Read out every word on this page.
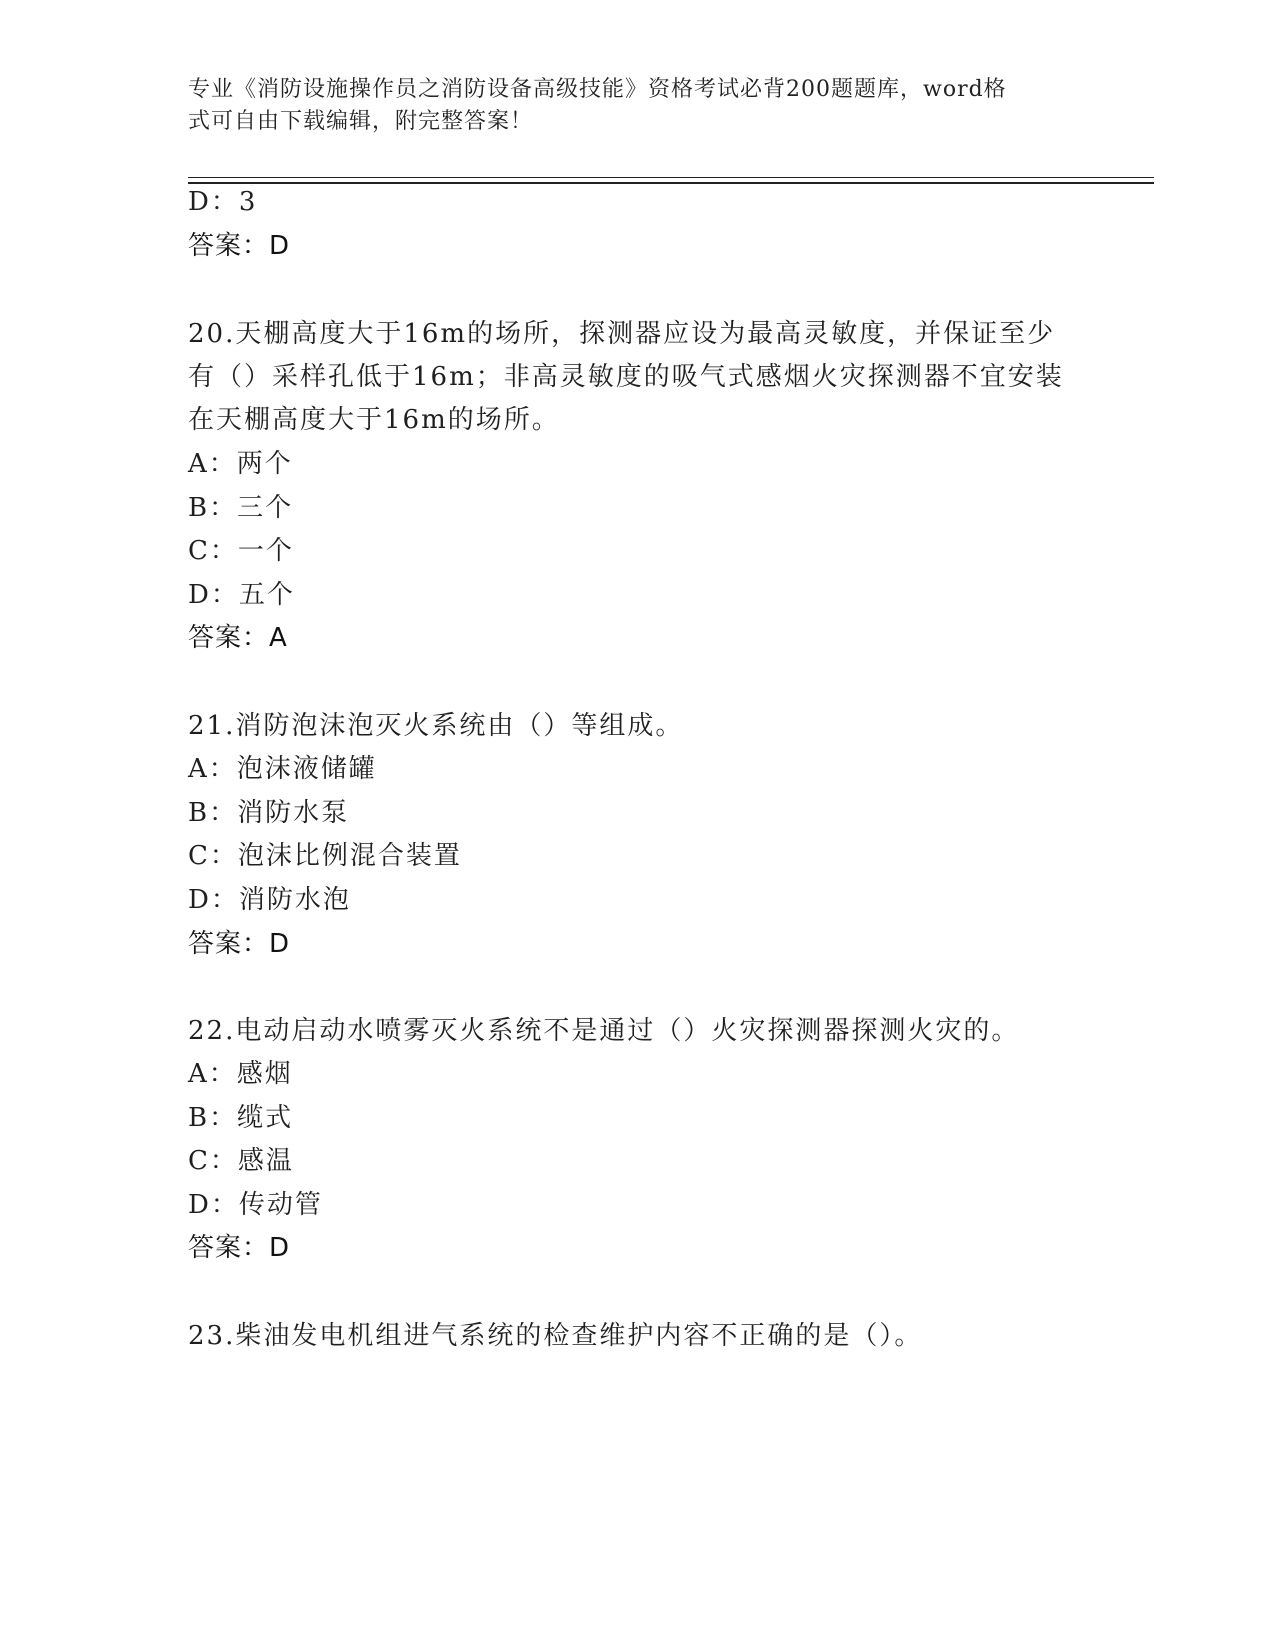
专业《消防设施操作员之消防设备高级技能》资格考试必背200题题库，word格
式可自由下载编辑，附完整答案！
D：3
答案：D
20.天棚高度大于16m的场所，探测器应设为最高灵敏度，并保证至少
有（）采样孔低于16m；非高灵敏度的吸气式感烟火灾探测器不宜安装
在天棚高度大于16m的场所。
A：两个
B：三个
C：一个
D：五个
答案：A
21.消防泡沫泡灭火系统由（）等组成。
A：泡沫液储罐
B：消防水泵
C：泡沫比例混合装置
D：消防水泡
答案：D
22.电动启动水喷雾灭火系统不是通过（）火灾探测器探测火灾的。
A：感烟
B：缆式
C：感温
D：传动管
答案：D
23.柴油发电机组进气系统的检查维护内容不正确的是（）。
